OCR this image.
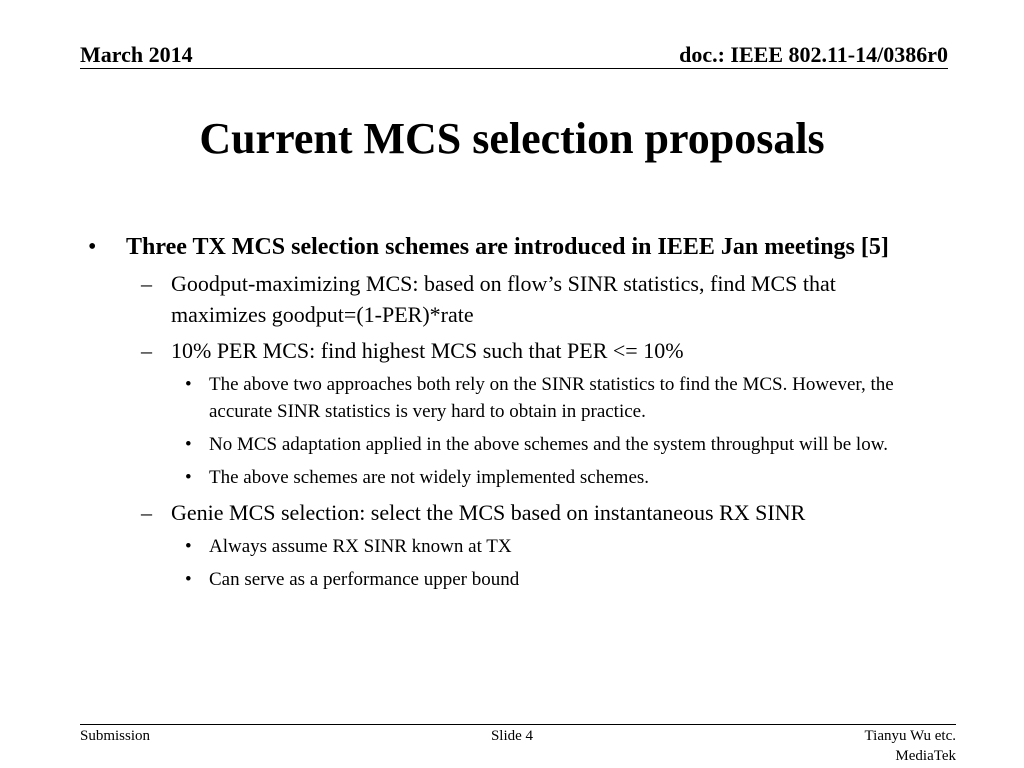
March 2014	doc.: IEEE 802.11-14/0386r0
Current MCS selection proposals
• Three TX MCS selection schemes are introduced in IEEE Jan meetings [5]
– Goodput-maximizing MCS: based on flow’s SINR statistics, find MCS that maximizes goodput=(1-PER)*rate
– 10% PER MCS: find highest MCS such that PER <= 10%
• The above two approaches both rely on the SINR statistics to find the MCS. However, the accurate SINR statistics is very hard to obtain in practice.
• No MCS adaptation applied in the above schemes and the system throughput will be low.
• The above schemes are not widely implemented schemes.
– Genie MCS selection: select the MCS based on instantaneous RX SINR
• Always assume RX SINR known at TX
• Can serve as a performance upper bound
Submission	Slide 4	Tianyu Wu etc.
MediaTek
